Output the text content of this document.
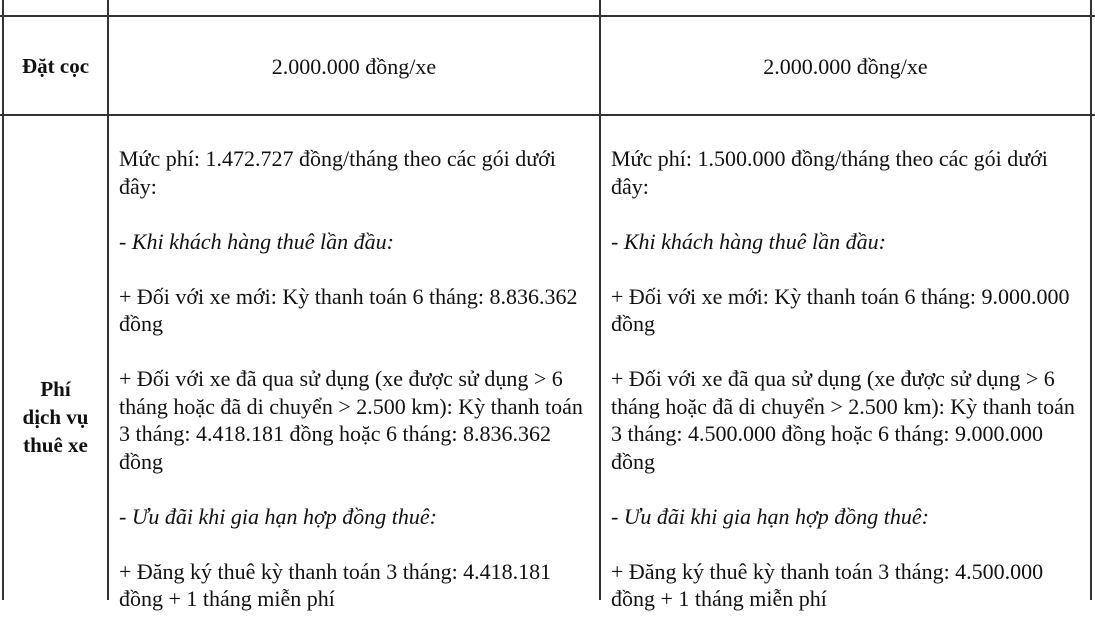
Đặt cọc	2.000.000 đồng/xe	2.000.000 đồng/xe
Phí
dịch vụ
thuê xe

Mức phí: 1.472.727 đồng/tháng theo các gói dưới đây:

- Khi khách hàng thuê lần đầu:

+ Đối với xe mới: Kỳ thanh toán 6 tháng: 8.836.362 đồng

+ Đối với xe đã qua sử dụng (xe được sử dụng > 6 tháng hoặc đã di chuyển > 2.500 km): Kỳ thanh toán 3 tháng: 4.418.181 đồng hoặc 6 tháng: 8.836.362 đồng

- Ưu đãi khi gia hạn hợp đồng thuê:

+ Đăng ký thuê kỳ thanh toán 3 tháng: 4.418.181 đồng + 1 tháng miễn phí

Mức phí: 1.500.000 đồng/tháng theo các gói dưới đây:

- Khi khách hàng thuê lần đầu:

+ Đối với xe mới: Kỳ thanh toán 6 tháng: 9.000.000 đồng

+ Đối với xe đã qua sử dụng (xe được sử dụng > 6 tháng hoặc đã di chuyển > 2.500 km): Kỳ thanh toán 3 tháng: 4.500.000 đồng hoặc 6 tháng: 9.000.000 đồng

- Ưu đãi khi gia hạn hợp đồng thuê:

+ Đăng ký thuê kỳ thanh toán 3 tháng: 4.500.000 đồng + 1 tháng miễn phí
